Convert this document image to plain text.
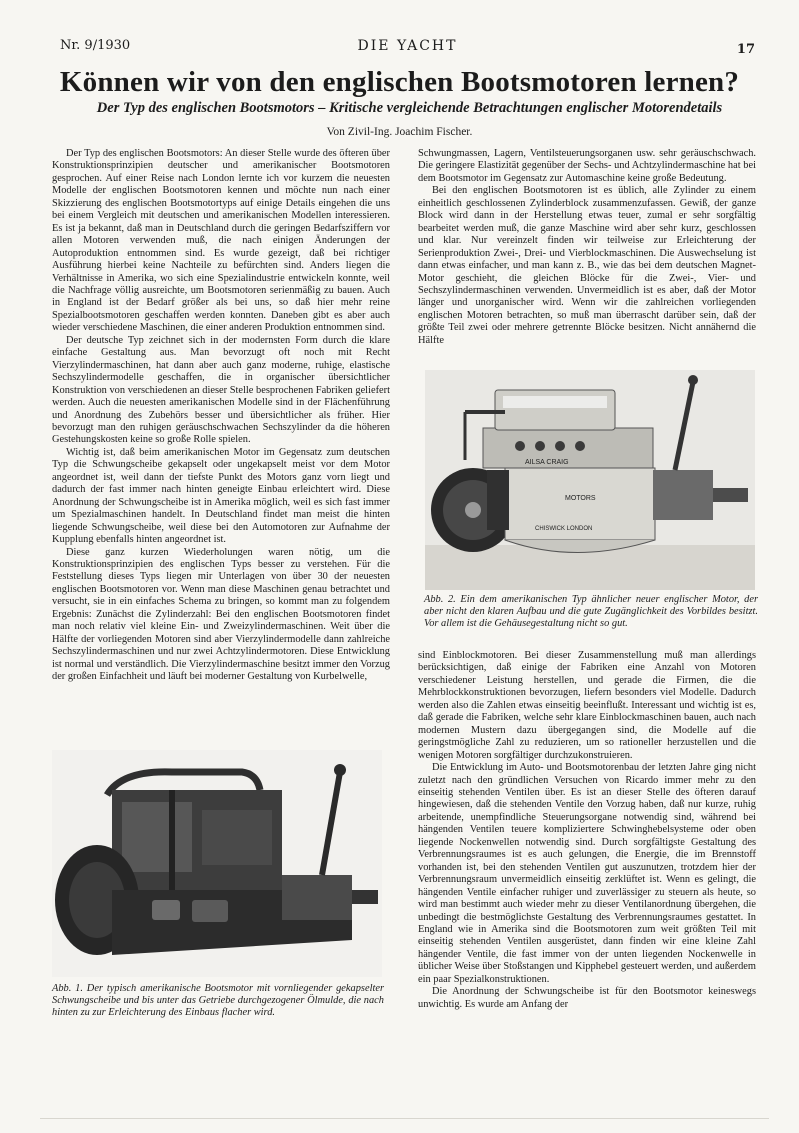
Nr. 9/1930	DIE YACHT	17
Können wir von den englischen Bootsmotoren lernen?
Der Typ des englischen Bootsmotors – Kritische vergleichende Betrachtungen englischer Motorendetails
Von Zivil-Ing. Joachim Fischer.

Der Typ des englischen Bootsmotors: An dieser Stelle wurde des öfteren über Konstruktionsprinzipien deutscher und amerikanischer Bootsmotoren gesprochen. Auf einer Reise nach London lernte ich vor kurzem die neuesten Modelle der englischen Bootsmotoren kennen und möchte nun nach einer Skizzierung des englischen Bootsmotortyps auf einige Details eingehen die uns bei einem Vergleich mit deutschen und amerikanischen Modellen interessieren. Es ist ja bekannt, daß man in Deutschland durch die geringen Bedarfsziffern vor allen Motoren verwenden muß, die nach einigen Änderungen der Autoproduktion entnommen sind. Es wurde gezeigt, daß bei richtiger Ausführung hierbei keine Nachteile zu befürchten sind. Anders liegen die Verhältnisse in Amerika, wo sich eine Spezialindustrie entwickeln konnte, weil die Nachfrage völlig ausreichte, um Bootsmotoren serienmäßig zu bauen. Auch in England ist der Bedarf größer als bei uns, so daß hier mehr reine Spezialbootsmotoren geschaffen werden konnten. Daneben gibt es aber auch wieder verschiedene Maschinen, die einer anderen Produktion entnommen sind.

Der deutsche Typ zeichnet sich in der modernsten Form durch die klare einfache Gestaltung aus. Man bevorzugt oft noch mit Recht Vierzylindermaschinen, hat dann aber auch ganz moderne, ruhige, elastische Sechszylindermodelle geschaffen, die in organischer übersichtlicher Konstruktion von verschiedenen an dieser Stelle besprochenen Fabriken geliefert werden. Auch die neuesten amerikanischen Modelle sind in der Flächenführung und Anordnung des Zubehörs besser und übersichtlicher als früher. Hier bevorzugt man den ruhigen geräuschschwachen Sechszylinder da die höheren Gestehungskosten keine so große Rolle spielen.

Wichtig ist, daß beim amerikanischen Motor im Gegensatz zum deutschen Typ die Schwungscheibe gekapselt oder ungekapselt meist vor dem Motor angeordnet ist, weil dann der tiefste Punkt des Motors ganz vorn liegt und dadurch der fast immer nach hinten geneigte Einbau erleichtert wird. Diese Anordnung der Schwungscheibe ist in Amerika möglich, weil es sich fast immer um Spezialmaschinen handelt. In Deutschland findet man meist die hinten liegende Schwungscheibe, weil diese bei den Automotoren zur Aufnahme der Kupplung ebenfalls hinten angeordnet ist.

Diese ganz kurzen Wiederholungen waren nötig, um die Konstruktionsprinzipien des englischen Typs besser zu verstehen. Für die Feststellung dieses Typs liegen mir Unterlagen von über 30 der neuesten englischen Bootsmotoren vor. Wenn man diese Maschinen genau betrachtet und versucht, sie in ein einfaches Schema zu bringen, so kommt man zu folgendem Ergebnis: Zunächst die Zylinderzahl: Bei den englischen Bootsmotoren findet man noch relativ viel kleine Ein- und Zweizylindermaschinen. Weit über die Hälfte der vorliegenden Motoren sind aber Vierzylindermodelle dann zahlreiche Sechszylindermaschinen und nur zwei Achtzylindermotoren. Diese Entwicklung ist normal und verständlich. Die Vierzylindermaschine besitzt immer den Vorzug der großen Einfachheit und läuft bei moderner Gestaltung von Kurbelwelle,

Schwungmassen, Lagern, Ventilsteuerungsorganen usw. sehr geräuschschwach. Die geringere Elastizität gegenüber der Sechs- und Achtzylindermaschine hat bei dem Bootsmotor im Gegensatz zur Automaschine keine große Bedeutung.

Bei den englischen Bootsmotoren ist es üblich, alle Zylinder zu einem einheitlich geschlossenen Zylinderblock zusammenzufassen. Gewiß, der ganze Block wird dann in der Herstellung etwas teuer, zumal er sehr sorgfältig bearbeitet werden muß, die ganze Maschine wird aber sehr kurz, geschlossen und klar. Nur vereinzelt finden wir teilweise zur Erleichterung der Serienproduktion Zwei-, Drei- und Vierblockmaschinen. Die Auswechselung ist dann etwas einfacher, und man kann z. B., wie das bei dem deutschen Magnet-Motor geschieht, die gleichen Blöcke für die Zwei-, Vier- und Sechszylindermaschinen verwenden. Unvermeidlich ist es aber, daß der Motor länger und unorganischer wird. Wenn wir die zahlreichen vorliegenden englischen Motoren betrachten, so muß man überrascht darüber sein, daß der größte Teil zwei oder mehrere getrennte Blöcke besitzen. Nicht annähernd die Hälfte

AILSA CRAIG
MOTORS
CHISWICK LONDON
Abb. 2. Ein dem amerikanischen Typ ähnlicher neuer englischer Motor, der aber nicht den klaren Aufbau und die gute Zugänglichkeit des Vorbildes besitzt. Vor allem ist die Gehäusegestaltung nicht so gut.
Abb. 1. Der typisch amerikanische Bootsmotor mit vornliegender gekapselter Schwungscheibe und bis unter das Getriebe durchgezogener Ölmulde, die nach hinten zu zur Erleichterung des Einbaus flacher wird.

sind Einblockmotoren. Bei dieser Zusammenstellung muß man allerdings berücksichtigen, daß einige der Fabriken eine Anzahl von Motoren verschiedener Leistung herstellen, und gerade die Firmen, die die Mehrblockkonstruktionen bevorzugen, liefern besonders viel Modelle. Dadurch werden also die Zahlen etwas einseitig beeinflußt. Interessant und wichtig ist es, daß gerade die Fabriken, welche sehr klare Einblockmaschinen bauen, auch nach modernen Mustern dazu übergegangen sind, die Modelle auf die geringstmögliche Zahl zu reduzieren, um so rationeller herzustellen und die wenigen Motoren sorgfältiger durchzukonstruieren.

Die Entwicklung im Auto- und Bootsmotorenbau der letzten Jahre ging nicht zuletzt nach den gründlichen Versuchen von Ricardo immer mehr zu den einseitig stehenden Ventilen über. Es ist an dieser Stelle des öfteren darauf hingewiesen, daß die stehenden Ventile den Vorzug haben, daß nur kurze, ruhig arbeitende, unempfindliche Steuerungsorgane notwendig sind, während bei hängenden Ventilen teuere kompliziertere Schwinghebelsysteme oder oben liegende Nockenwellen notwendig sind. Durch sorgfältigste Gestaltung des Verbrennungsraumes ist es auch gelungen, die Energie, die im Brennstoff vorhanden ist, bei den stehenden Ventilen gut auszunutzen, trotzdem hier der Verbrennungsraum unvermeidlich einseitig zerklüftet ist. Wenn es gelingt, die hängenden Ventile einfacher ruhiger und zuverlässiger zu steuern als heute, so wird man bestimmt auch wieder mehr zu dieser Ventilanordnung übergehen, die unbedingt die bestmöglichste Gestaltung des Verbrennungsraumes gestattet. In England wie in Amerika sind die Bootsmotoren zum weit größten Teil mit einseitig stehenden Ventilen ausgerüstet, dann finden wir eine kleine Zahl hängender Ventile, die fast immer von der unten liegenden Nockenwelle in üblicher Weise über Stoßstangen und Kipphebel gesteuert werden, und außerdem ein paar Spezialkonstruktionen.

Die Anordnung der Schwungscheibe ist für den Bootsmotor keineswegs unwichtig. Es wurde am Anfang der
